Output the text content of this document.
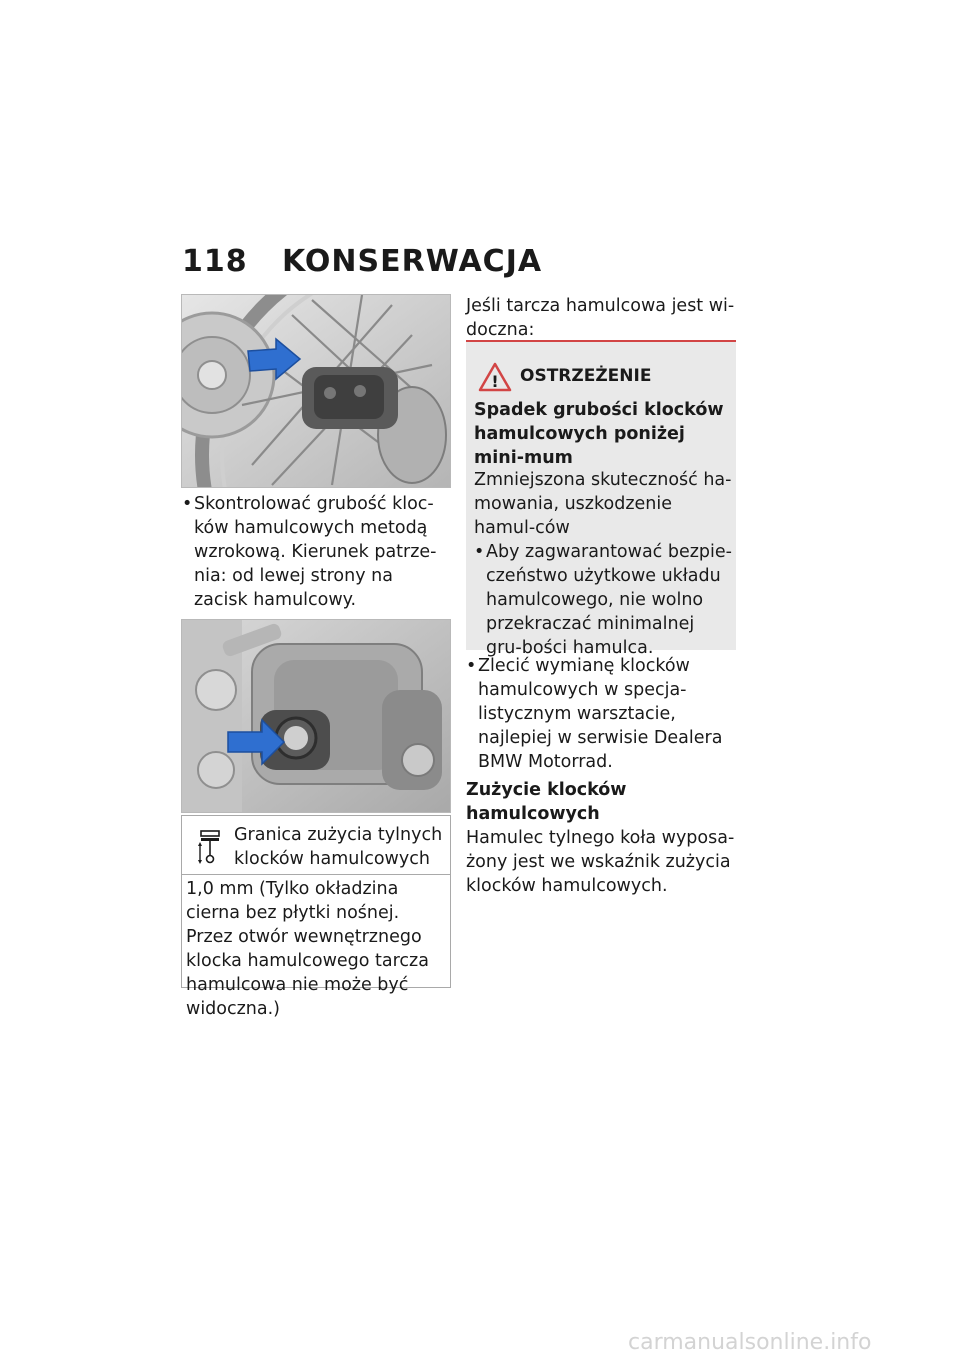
118 KONSERWACJA
• Skontrolować grubość kloc-ków hamulcowych metodą wzrokową. Kierunek patrze-nia: od lewej strony na zacisk hamulcowy.
Granica zużycia tylnych klocków hamulcowych
1,0 mm (Tylko okładzina cierna bez płytki nośnej. Przez otwór wewnętrznego klocka hamulcowego tarcza hamulcowa nie może być widoczna.)
Jeśli tarcza hamulcowa jest wi-doczna:
! OSTRZEŻENIE
Spadek grubości klocków hamulcowych poniżej mini-mum
Zmniejszona skuteczność ha-mowania, uszkodzenie hamul-ców
• Aby zagwarantować bezpie-czeństwo użytkowe układu hamulcowego, nie wolno przekraczać minimalnej gru-bości hamulca.
• Zlecić wymianę klocków hamulcowych w specja-listycznym warsztacie, najlepiej w serwisie Dealera BMW Motorrad.
Zużycie klocków hamulcowych
Hamulec tylnego koła wyposa-żony jest we wskaźnik zużycia klocków hamulcowych.
carmanualsonline.info
